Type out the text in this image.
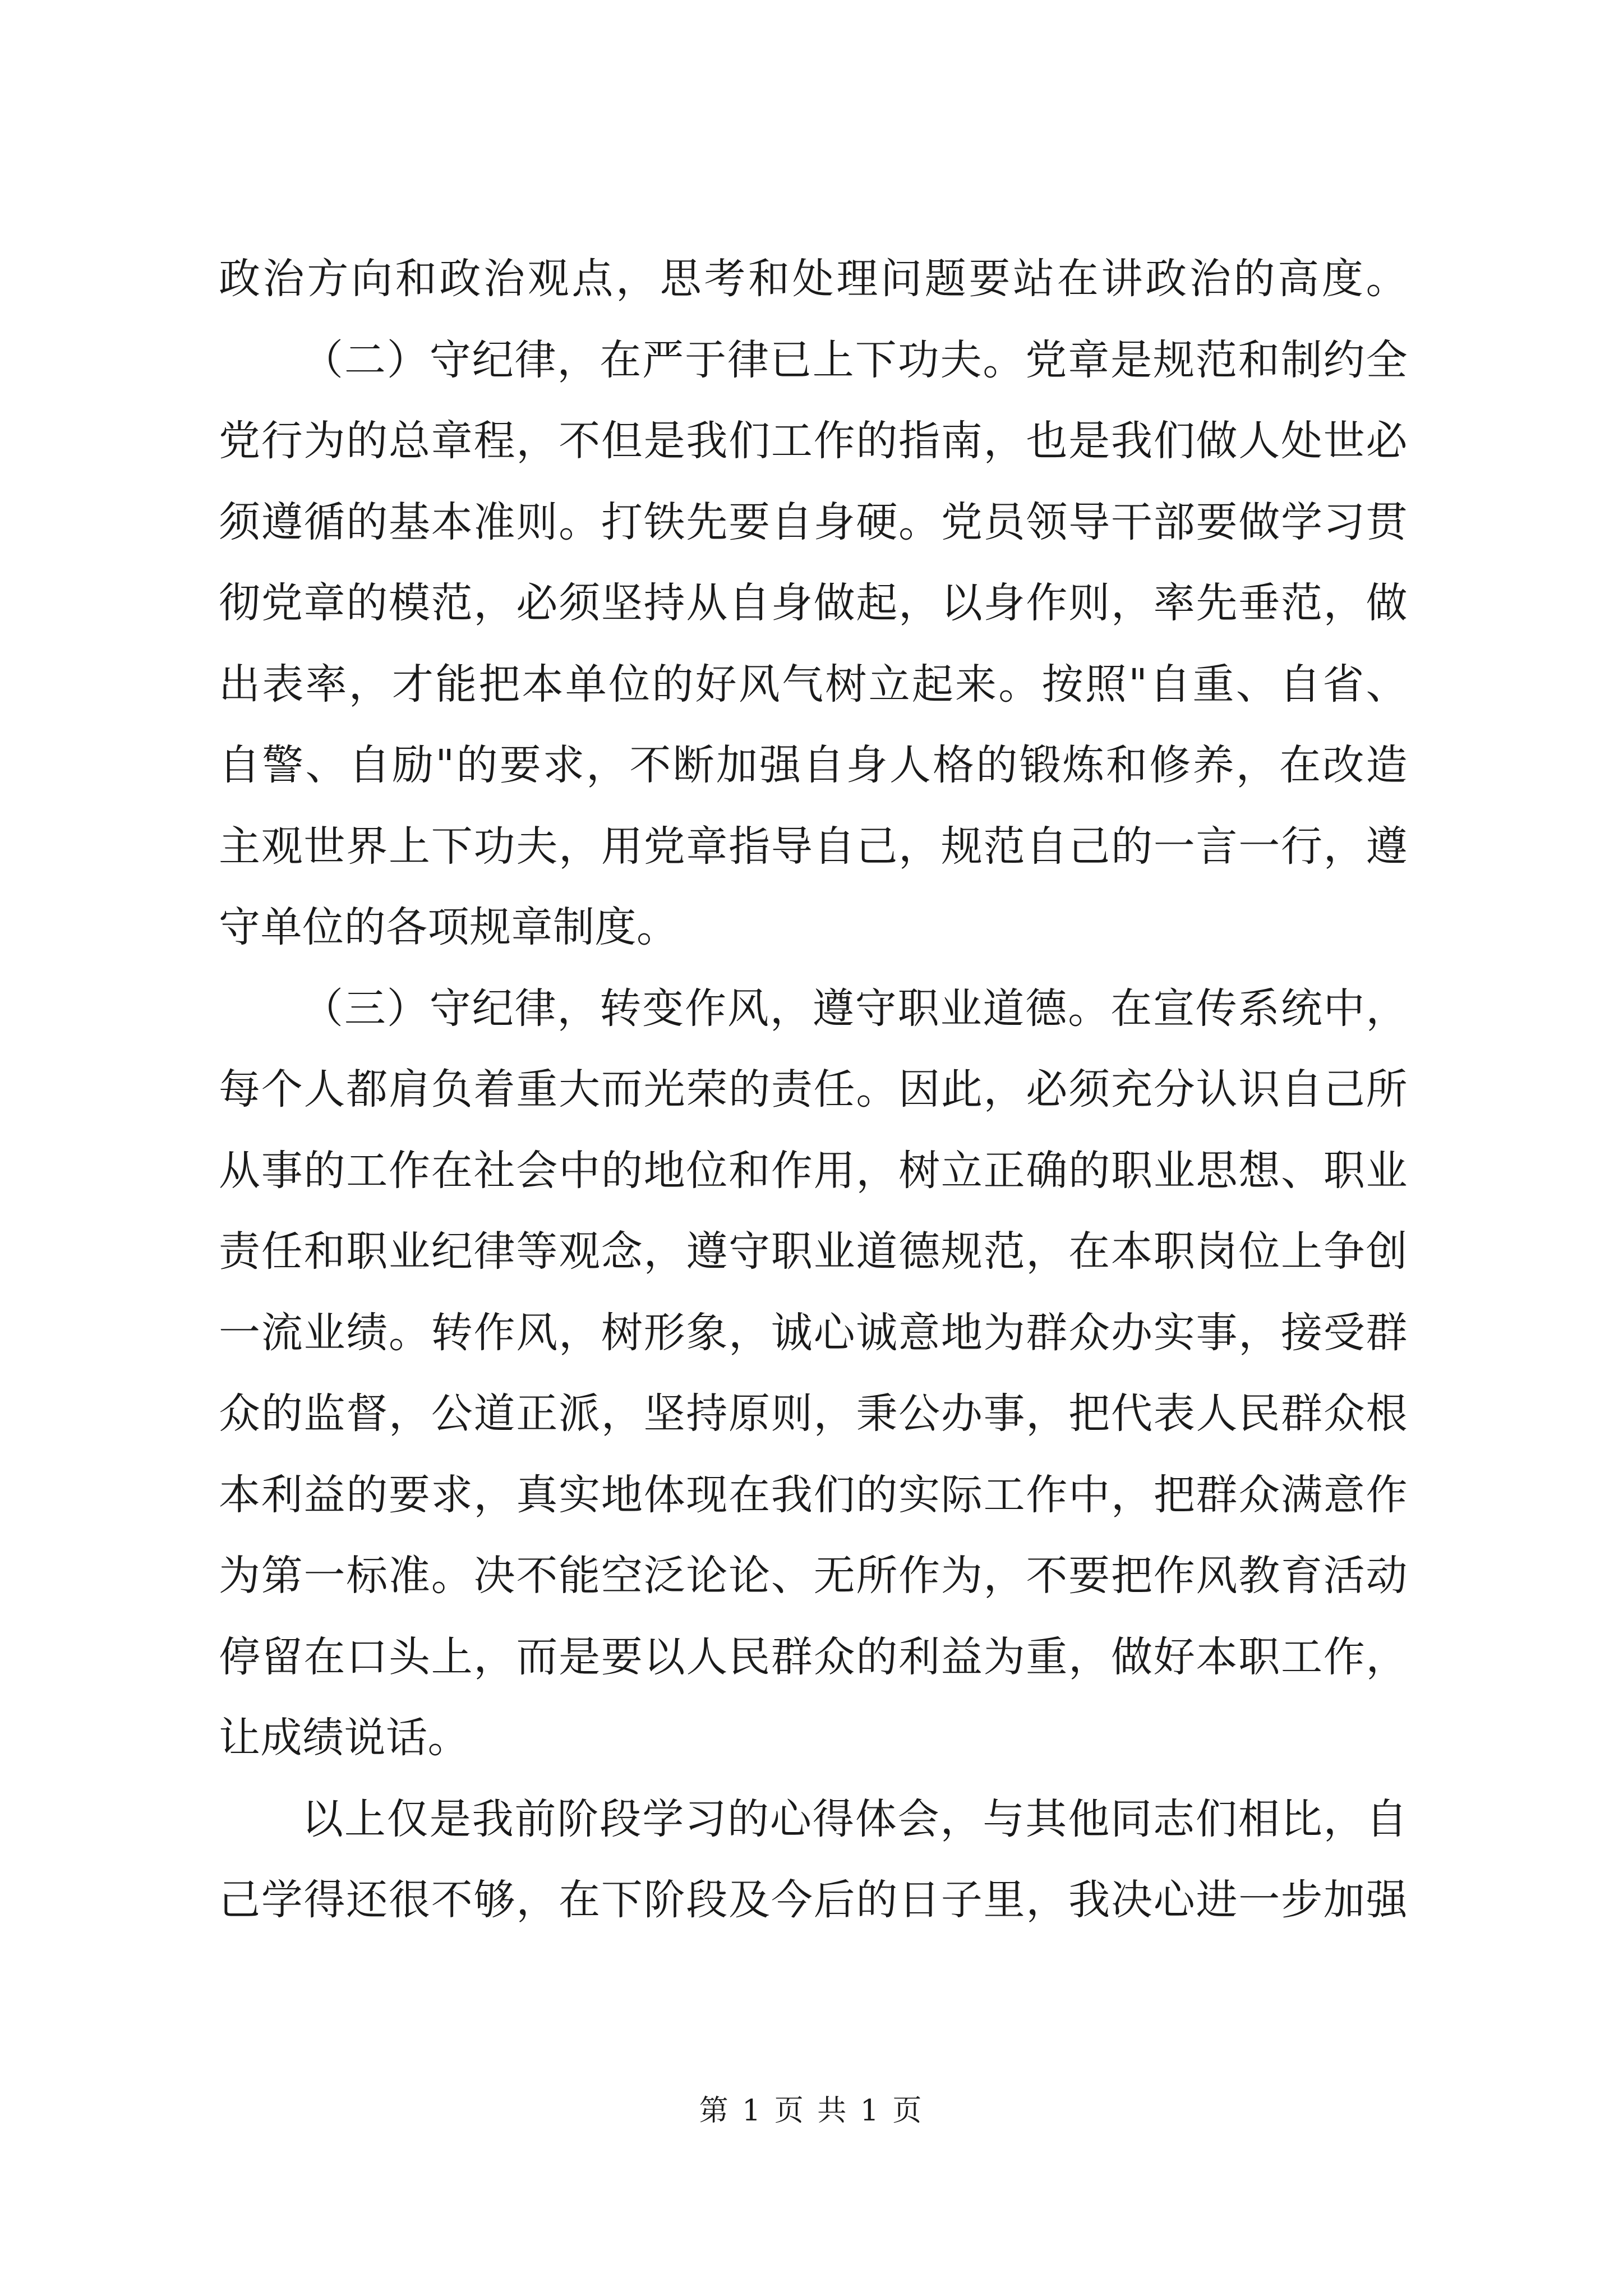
政治方向和政治观点，思考和处理问题要站在讲政治的高度。
（二）守纪律，在严于律已上下功夫。党章是规范和制约全
党行为的总章程，不但是我们工作的指南，也是我们做人处世必
须遵循的基本准则。打铁先要自身硬。党员领导干部要做学习贯
彻党章的模范，必须坚持从自身做起，以身作则，率先垂范，做
出表率，才能把本单位的好风气树立起来。按照"自重、自省、
自警、自励"的要求，不断加强自身人格的锻炼和修养，在改造
主观世界上下功夫，用党章指导自己，规范自己的一言一行，遵
守单位的各项规章制度。
（三）守纪律，转变作风，遵守职业道德。在宣传系统中，
每个人都肩负着重大而光荣的责任。因此，必须充分认识自己所
从事的工作在社会中的地位和作用，树立正确的职业思想、职业
责任和职业纪律等观念，遵守职业道德规范，在本职岗位上争创
一流业绩。转作风，树形象，诚心诚意地为群众办实事，接受群
众的监督，公道正派，坚持原则，秉公办事，把代表人民群众根
本利益的要求，真实地体现在我们的实际工作中，把群众满意作
为第一标准。决不能空泛论论、无所作为，不要把作风教育活动
停留在口头上，而是要以人民群众的利益为重，做好本职工作，
让成绩说话。
以上仅是我前阶段学习的心得体会，与其他同志们相比，自
己学得还很不够，在下阶段及今后的日子里，我决心进一步加强
第 1 页 共 1 页
